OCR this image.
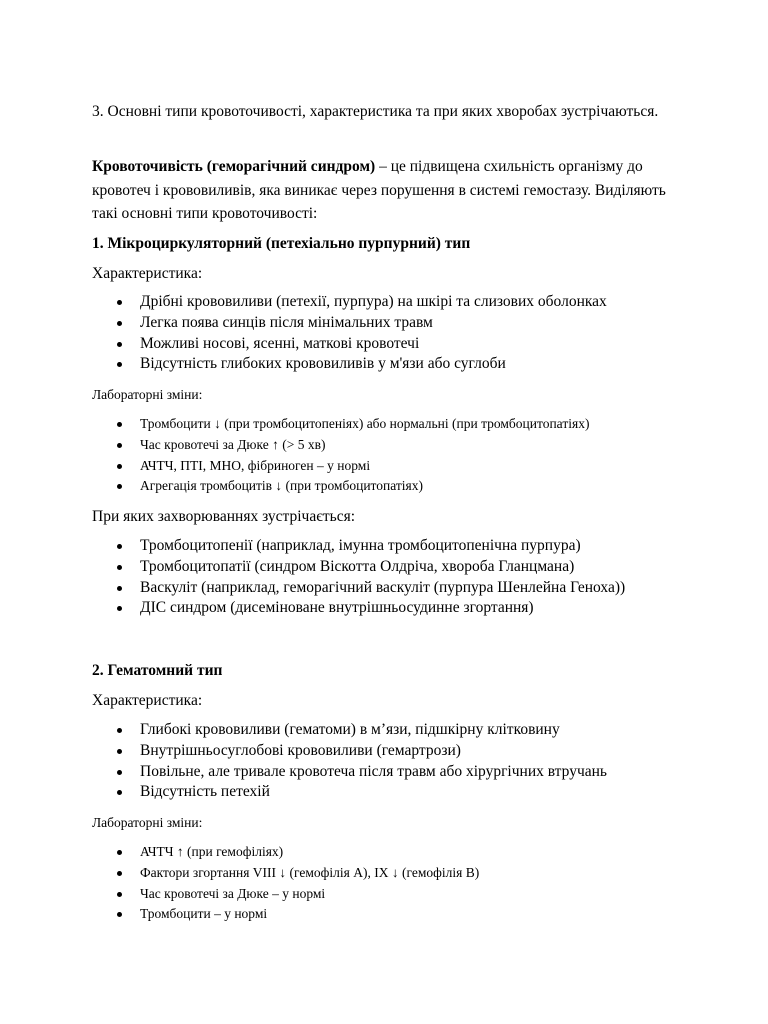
3. Основні типи кровоточивості, характеристика та при яких хворобах зустрічаються.

Кровоточивість (геморагічний синдром) – це підвищена схильність організму до кровотеч і крововиливів, яка виникає через порушення в системі гемостазу. Виділяють такі основні типи кровоточивості:

1. Мікроциркуляторний (петехіально пурпурний) тип

Характеристика:

Дрібні крововиливи (петехії, пурпура) на шкірі та слизових оболонках
Легка поява синців після мінімальних травм
Можливі носові, ясенні, маткові кровотечі
Відсутність глибоких крововиливів у м'язи або суглоби

Лабораторні зміни:

Тромбоцити ↓ (при тромбоцитопеніях) або нормальні (при тромбоцитопатіях)
Час кровотечі за Дюке ↑ (> 5 хв)
АЧТЧ, ПТІ, МНО, фібриноген – у нормі
Агрегація тромбоцитів ↓ (при тромбоцитопатіях)

При яких захворюваннях зустрічається:

Тромбоцитопенії (наприклад, імунна тромбоцитопенічна пурпура)
Тромбоцитопатії (синдром Віскотта Олдріча, хвороба Гланцмана)
Васкуліт (наприклад, геморагічний васкуліт (пурпура Шенлейна Геноха))
ДІС синдром (дисеміноване внутрішньосудинне згортання)

2. Гематомний тип

Характеристика:

Глибокі крововиливи (гематоми) в м’язи, підшкірну клітковину
Внутрішньосуглобові крововиливи (гемартрози)
Повільне, але тривале кровотеча після травм або хірургічних втручань
Відсутність петехій

Лабораторні зміни:

АЧТЧ ↑ (при гемофіліях)
Фактори згортання VIII ↓ (гемофілія А), IX ↓ (гемофілія В)
Час кровотечі за Дюке – у нормі
Тромбоцити – у нормі
